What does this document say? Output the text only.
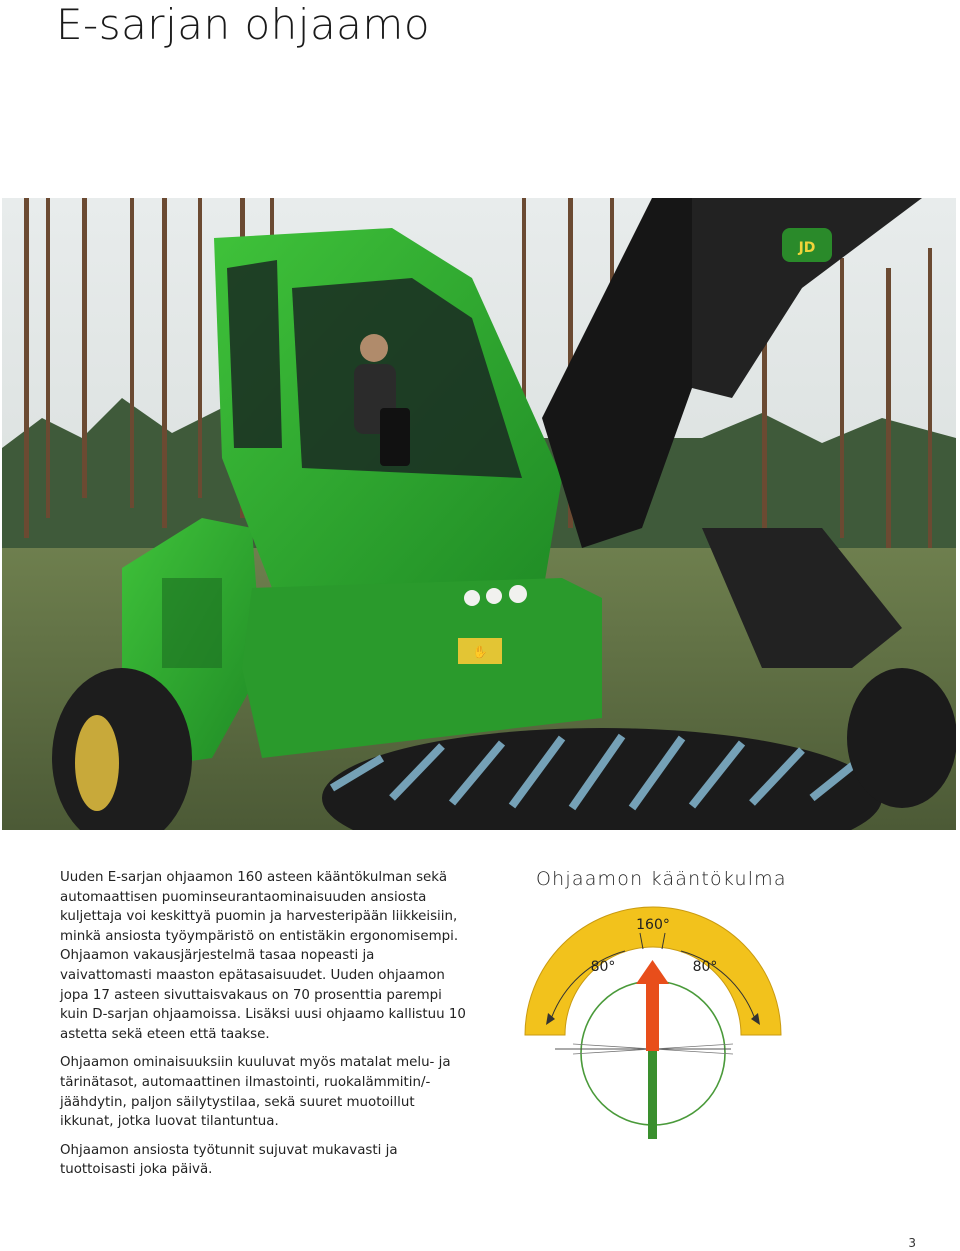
E-sarjan ohjaamo
✋
JD

Uuden E-sarjan ohjaamon 160 asteen kääntökulman sekä automaattisen puominseurantaominaisuuden ansiosta kuljettaja voi keskittyä puomin ja harvesteripään liikkeisiin, minkä ansiosta työympäristö on entistäkin ergonomisempi. Ohjaamon vakausjärjestelmä tasaa nopeasti ja vaivattomasti maaston epätasaisuudet. Uuden ohjaamon jopa 17 asteen sivuttaisvakaus on 70 prosenttia parempi kuin D-sarjan ohjaamoissa. Lisäksi uusi ohjaamo kallistuu 10 astetta sekä eteen että taakse.

Ohjaamon ominaisuuksiin kuuluvat myös matalat melu- ja tärinätasot, automaattinen ilmastointi, ruokalämmitin/-jäähdytin, paljon säilytystilaa, sekä suuret muotoillut ikkunat, jotka luovat tilantuntua.

Ohjaamon ansiosta työtunnit sujuvat mukavasti ja tuottoisasti joka päivä.

Ohjaamon kääntökulma
160°
80°	80°
3
